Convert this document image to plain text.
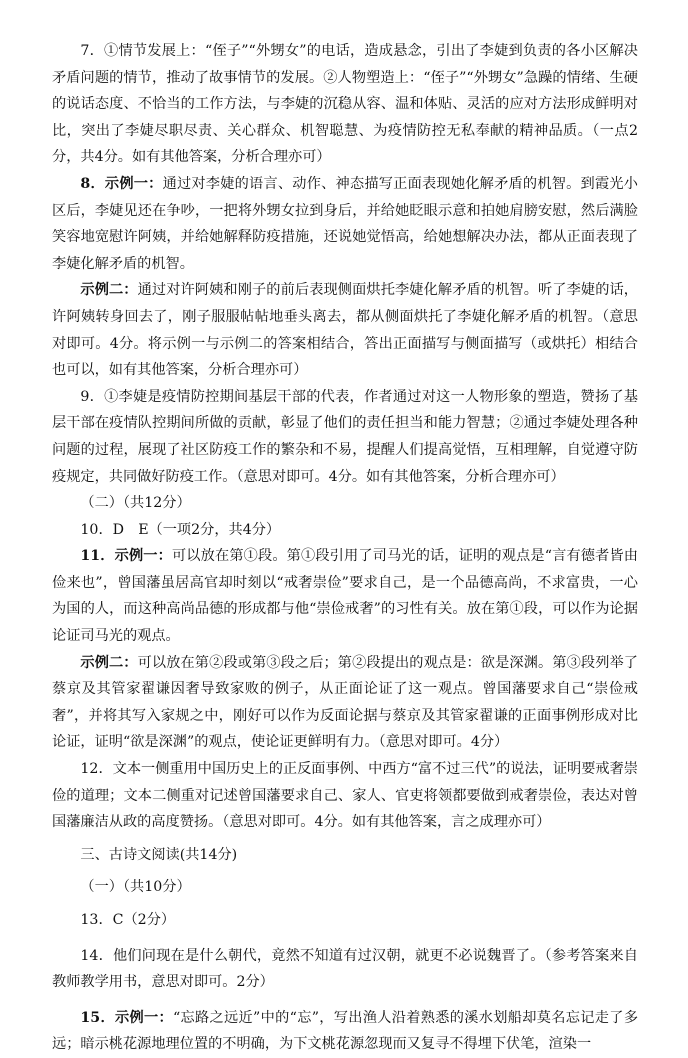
7．①情节发展上：“侄子”“外甥女”的电话，造成悬念，引出了李婕到负责的各小区解决矛盾问题的情节，推动了故事情节的发展。②人物塑造上：“侄子”“外甥女”急躁的情绪、生硬的说话态度、不恰当的工作方法，与李婕的沉稳从容、温和体贴、灵活的应对方法形成鲜明对比，突出了李婕尽职尽责、关心群众、机智聪慧、为疫情防控无私奉献的精神品质。（一点2分，共4分。如有其他答案，分析合理亦可）

8．示例一：通过对李婕的语言、动作、神态描写正面表现她化解矛盾的机智。到霞光小区后，李婕见还在争吵，一把将外甥女拉到身后，并给她眨眼示意和拍她肩膀安慰，然后满脸笑容地宽慰许阿姨，并给她解释防疫措施，还说她觉悟高，给她想解决办法，都从正面表现了李婕化解矛盾的机智。

示例二：通过对许阿姨和刚子的前后表现侧面烘托李婕化解矛盾的机智。听了李婕的话，许阿姨转身回去了，刚子服服帖帖地垂头离去，都从侧面烘托了李婕化解矛盾的机智。（意思对即可。4分。将示例一与示例二的答案相结合，答出正面描写与侧面描写（或烘托）相结合也可以，如有其他答案，分析合理亦可）

9．①李婕是疫情防控期间基层干部的代表，作者通过对这一人物形象的塑造，赞扬了基层干部在疫情队控期间所做的贡献，彰显了他们的责任担当和能力智慧；②通过李婕处理各种问题的过程，展现了社区防疫工作的繁杂和不易，提醒人们提高觉悟，互相理解，自觉遵守防疫规定，共同做好防疫工作。（意思对即可。4分。如有其他答案，分析合理亦可）

（二）（共12分）

10．D　E（一项2分，共4分）

11．示例一：可以放在第①段。第①段引用了司马光的话，证明的观点是“言有德者皆由俭来也”，曾国藩虽居高官却时刻以“戒奢崇俭”要求自己，是一个品德高尚，不求富贵，一心为国的人，而这种高尚品德的形成都与他“崇俭戒奢”的习性有关。放在第①段，可以作为论据论证司马光的观点。

示例二：可以放在第②段或第③段之后；第②段提出的观点是：欲是深渊。第③段列举了蔡京及其管家翟谦因奢导致家败的例子，从正面论证了这一观点。曾国藩要求自己“崇俭戒奢”，并将其写入家规之中，刚好可以作为反面论据与蔡京及其管家翟谦的正面事例形成对比论证，证明“欲是深渊”的观点，使论证更鲜明有力。（意思对即可。4分）

12．文本一侧重用中国历史上的正反面事例、中西方“富不过三代”的说法，证明要戒奢崇俭的道理；文本二侧重对记述曾国藩要求自己、家人、官吏将领都要做到戒奢崇俭，表达对曾国藩廉洁从政的高度赞扬。（意思对即可。4分。如有其他答案，言之成理亦可）

三、古诗文阅读(共14分)

（一）（共10分）

13．C（2分）

14．他们问现在是什么朝代，竟然不知道有过汉朝，就更不必说魏晋了。（参考答案来自教师教学用书，意思对即可。2分）

15．示例一：“忘路之远近”中的“忘”，写出渔人沿着熟悉的溪水划船却莫名忘记走了多远；暗示桃花源地理位置的不明确，为下文桃花源忽现而又复寻不得埋下伏笔，渲染一
